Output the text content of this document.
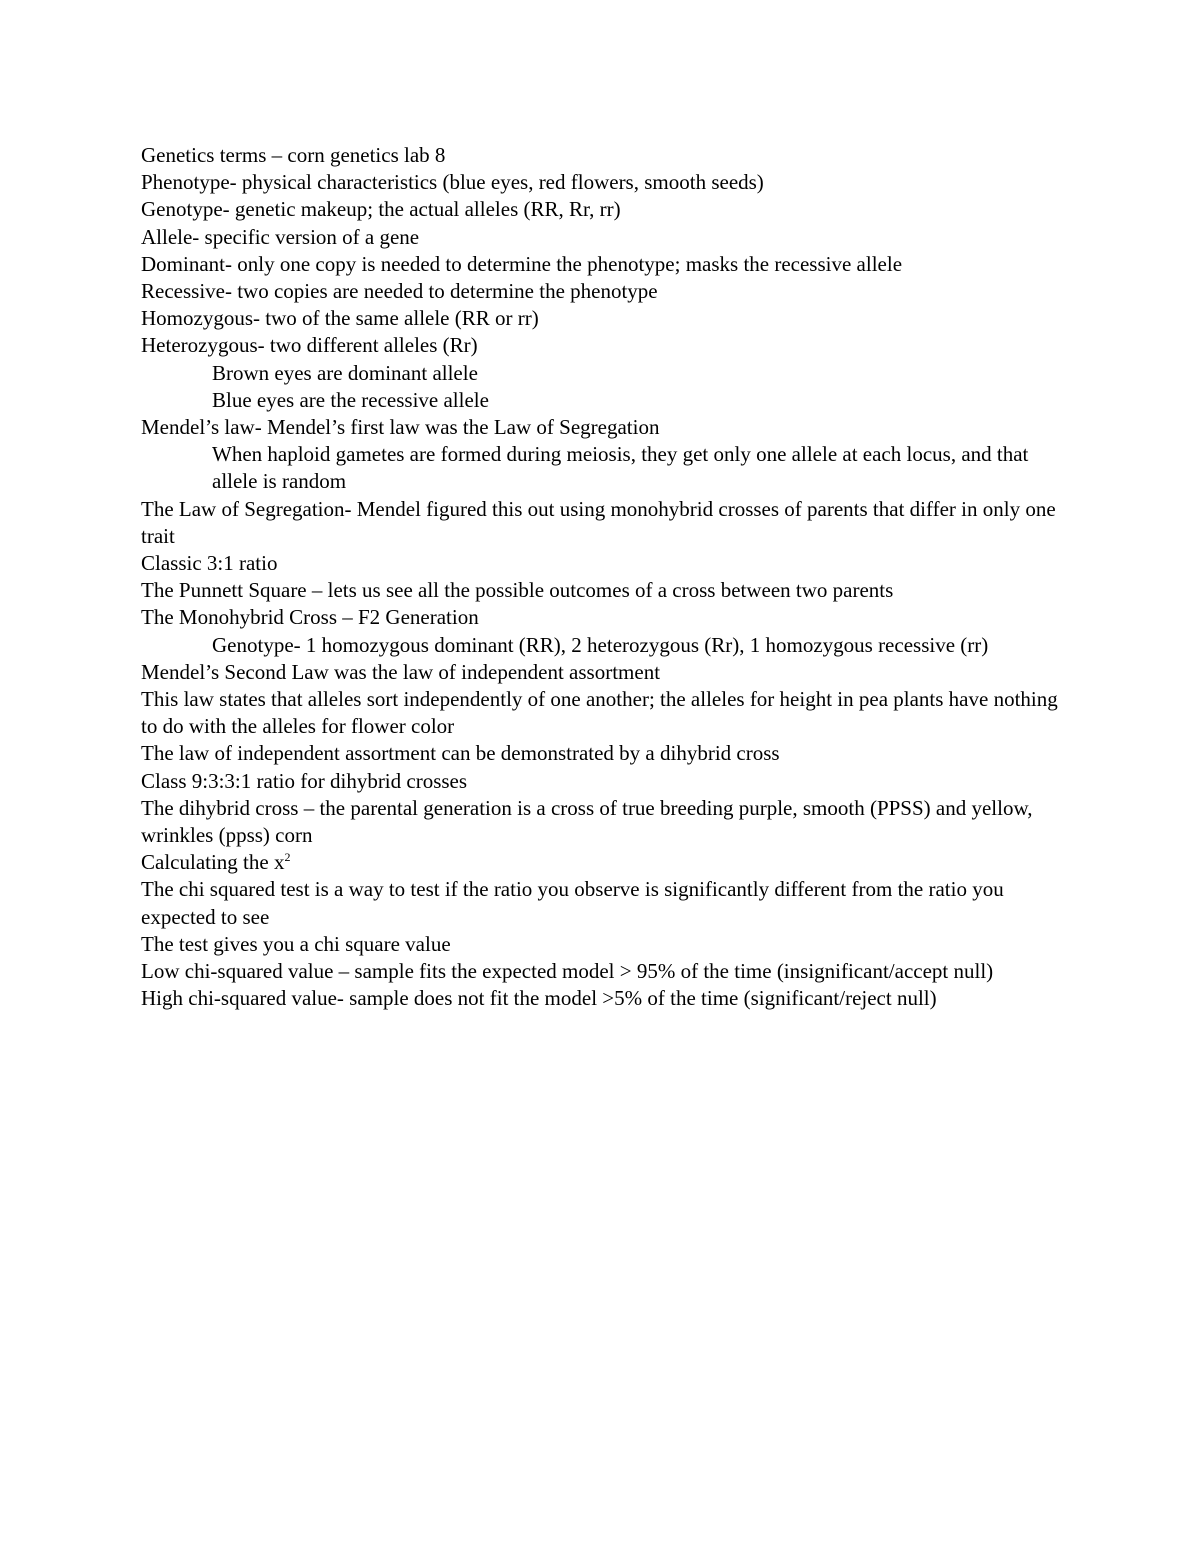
Genetics terms – corn genetics lab 8

Phenotype- physical characteristics (blue eyes, red flowers, smooth seeds)

Genotype- genetic makeup; the actual alleles (RR, Rr, rr)

Allele- specific version of a gene

Dominant- only one copy is needed to determine the phenotype; masks the recessive allele

Recessive- two copies are needed to determine the phenotype

Homozygous- two of the same allele (RR or rr)

Heterozygous- two different alleles (Rr)

Brown eyes are dominant allele

Blue eyes are the recessive allele

Mendel’s law- Mendel’s first law was the Law of Segregation

When haploid gametes are formed during meiosis, they get only one allele at each locus, and that allele is random

The Law of Segregation- Mendel figured this out using monohybrid crosses of parents that differ in only one trait

Classic 3:1 ratio

The Punnett Square – lets us see all the possible outcomes of a cross between two parents

The Monohybrid Cross – F2 Generation

Genotype- 1 homozygous dominant (RR), 2 heterozygous (Rr), 1 homozygous recessive (rr)

Mendel’s Second Law was the law of independent assortment

This law states that alleles sort independently of one another; the alleles for height in pea plants have nothing to do with the alleles for flower color

The law of independent assortment can be demonstrated by a dihybrid cross

Class 9:3:3:1 ratio for dihybrid crosses

The dihybrid cross – the parental generation is a cross of true breeding purple, smooth (PPSS) and yellow, wrinkles (ppss) corn

Calculating the $x^2$

The chi squared test is a way to test if the ratio you observe is significantly different from the ratio you expected to see

The test gives you a chi square value

Low chi-squared value – sample fits the expected model > 95% of the time (insignificant/accept null)

High chi-squared value- sample does not fit the model >5% of the time (significant/reject null)
